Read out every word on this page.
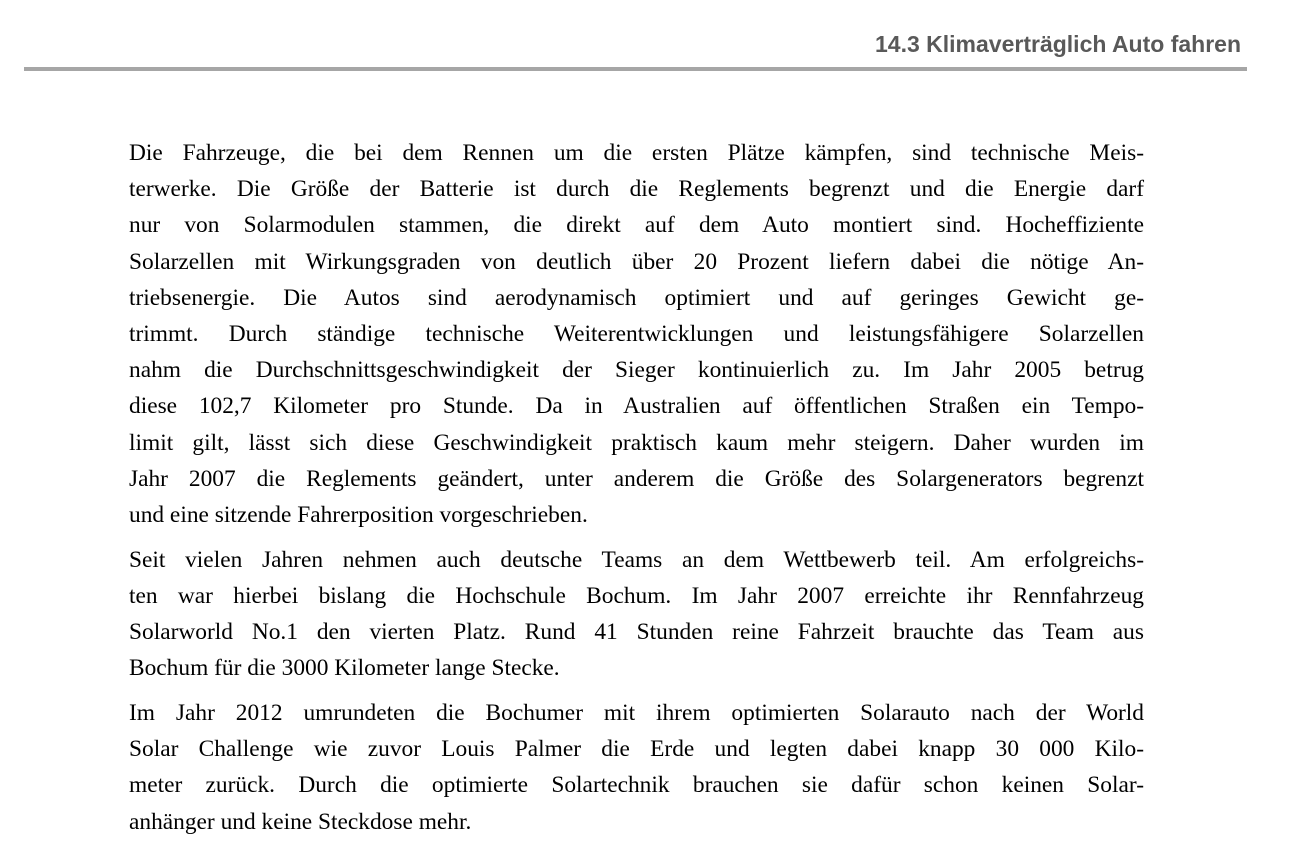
14.3 Klimaverträglich Auto fahren

Die Fahrzeuge, die bei dem Rennen um die ersten Plätze kämpfen, sind technische Meis-
terwerke. Die Größe der Batterie ist durch die Reglements begrenzt und die Energie darf
nur von Solarmodulen stammen, die direkt auf dem Auto montiert sind. Hocheffiziente
Solarzellen mit Wirkungsgraden von deutlich über 20 Prozent liefern dabei die nötige An-
triebsenergie. Die Autos sind aerodynamisch optimiert und auf geringes Gewicht ge-
trimmt. Durch ständige technische Weiterentwicklungen und leistungsfähigere Solarzellen
nahm die Durchschnittsgeschwindigkeit der Sieger kontinuierlich zu. Im Jahr 2005 betrug
diese 102,7 Kilometer pro Stunde. Da in Australien auf öffentlichen Straßen ein Tempo-
limit gilt, lässt sich diese Geschwindigkeit praktisch kaum mehr steigern. Daher wurden im
Jahr 2007 die Reglements geändert, unter anderem die Größe des Solargenerators begrenzt
und eine sitzende Fahrerposition vorgeschrieben.

Seit vielen Jahren nehmen auch deutsche Teams an dem Wettbewerb teil. Am erfolgreichs-
ten war hierbei bislang die Hochschule Bochum. Im Jahr 2007 erreichte ihr Rennfahrzeug
Solarworld No.1 den vierten Platz. Rund 41 Stunden reine Fahrzeit brauchte das Team aus
Bochum für die 3000 Kilometer lange Stecke.

Im Jahr 2012 umrundeten die Bochumer mit ihrem optimierten Solarauto nach der World
Solar Challenge wie zuvor Louis Palmer die Erde und legten dabei knapp 30 000 Kilo-
meter zurück. Durch die optimierte Solartechnik brauchen sie dafür schon keinen Solar-
anhänger und keine Steckdose mehr.
